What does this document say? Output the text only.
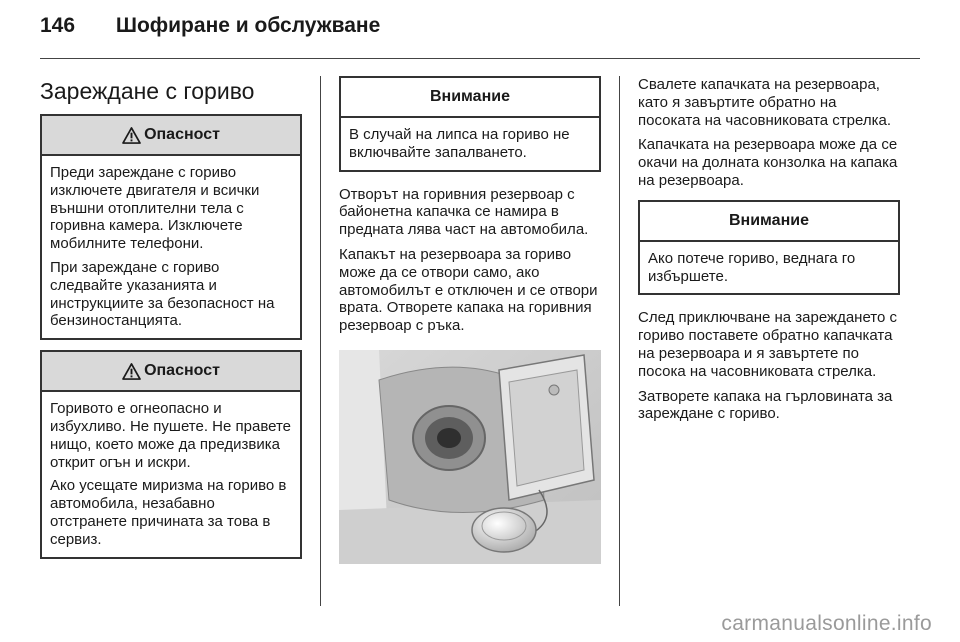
146 Шофиране и обслужване
Зареждане с гориво
Опасност

Преди зареждане с гориво изключете двигателя и всички външни отоплителни тела с горивна камера. Изключете мобилните телефони.

При зареждане с гориво следвайте указанията и инструкциите за безопасност на бензиностанцията.

Опасност

Горивото е огнеопасно и избухливо. Не пушете. Не правете нищо, което може да предизвика открит огън и искри.

Ако усещате миризма на гориво в автомобила, незабавно отстранете причината за това в сервиз.

Внимание

В случай на липса на гориво не включвайте запалването.

Отворът на горивния резервоар с байонетна капачка се намира в предната лява част на автомобила.

Капакът на резервоара за гориво може да се отвори само, ако автомобилът е отключен и се отвори врата. Отворете капака на горивния резервоар с ръка.

Свалете капачката на резервоара, като я завъртите обратно на посоката на часовниковата стрелка.

Капачката на резервоара може да се окачи на долната конзолка на капака на резервоара.

Внимание

Ако потече гориво, веднага го избършете.

След приключване на зареждането с гориво поставете обратно капачката на резервоара и я завъртете по посока на часовниковата стрелка.

Затворете капака на гърловината за зареждане с гориво.

carmanualsonline.info
